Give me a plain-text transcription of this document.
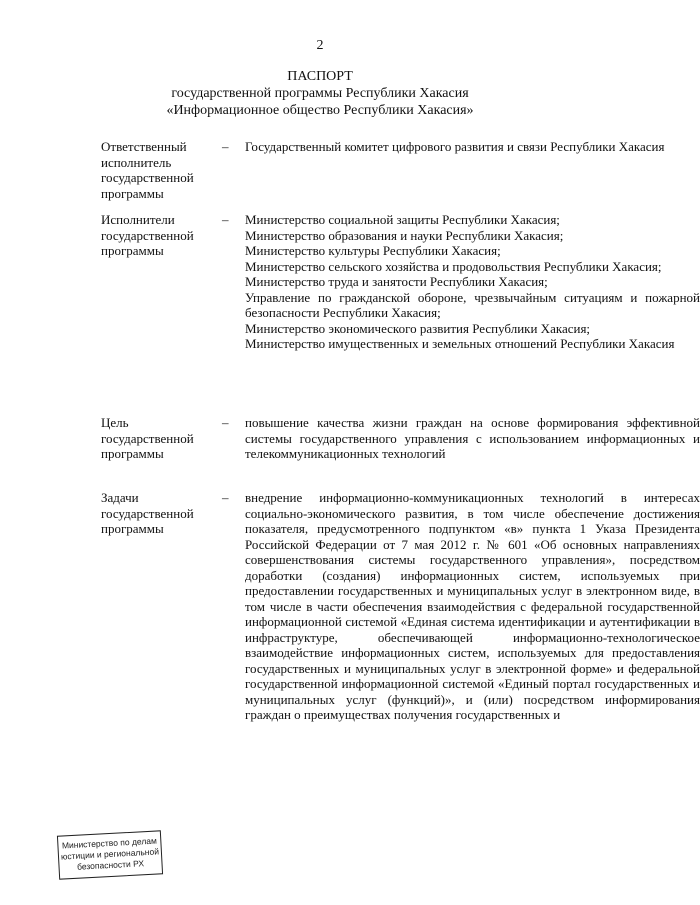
2
ПАСПОРТ
государственной программы Республики Хакасия
«Информационное общество Республики Хакасия»
Ответственный исполнитель государственной программы
– Государственный комитет цифрового развития и связи Республики Хакасия

Исполнители государственной программы
– Министерство социальной защиты Республики Хакасия;

Министерство образования и науки Республики Хакасия;

Министерство культуры Республики Хакасия;

Министерство сельского хозяйства и продовольствия Республики Хакасия;

Министерство труда и занятости Республики Хакасия;

Управление по гражданской обороне, чрезвычайным ситуациям и пожарной безопасности Республики Хакасия;

Министерство экономического развития Республики Хакасия;

Министерство имущественных и земельных отношений Республики Хакасия

Цель государственной программы
– повышение качества жизни граждан на основе формирования эффективной системы государственного управления с использованием информационных и телекоммуникационных технологий

Задачи государственной программы
– внедрение информационно-коммуникационных технологий в интересах социально-экономического развития, в том числе обеспечение достижения показателя, предусмотренного подпунктом «в» пункта 1 Указа Президента Российской Федерации от 7 мая 2012 г. № 601 «Об основных направлениях совершенствования системы государственного управления», посредством доработки (создания) информационных систем, используемых при предоставлении государственных и муниципальных услуг в электронном виде, в том числе в части обеспечения взаимодействия с федеральной государственной информационной системой «Единая система идентификации и аутентификации в инфраструктуре, обеспечивающей информационно-технологическое взаимодействие информационных систем, используемых для предоставления государственных и муниципальных услуг в электронной форме» и федеральной государственной информационной системой «Единый портал государственных и муниципальных услуг (функций)», и (или) посредством информирования граждан о преимуществах получения государственных и

Министерство по делам
юстиции и региональной
безопасности РХ
